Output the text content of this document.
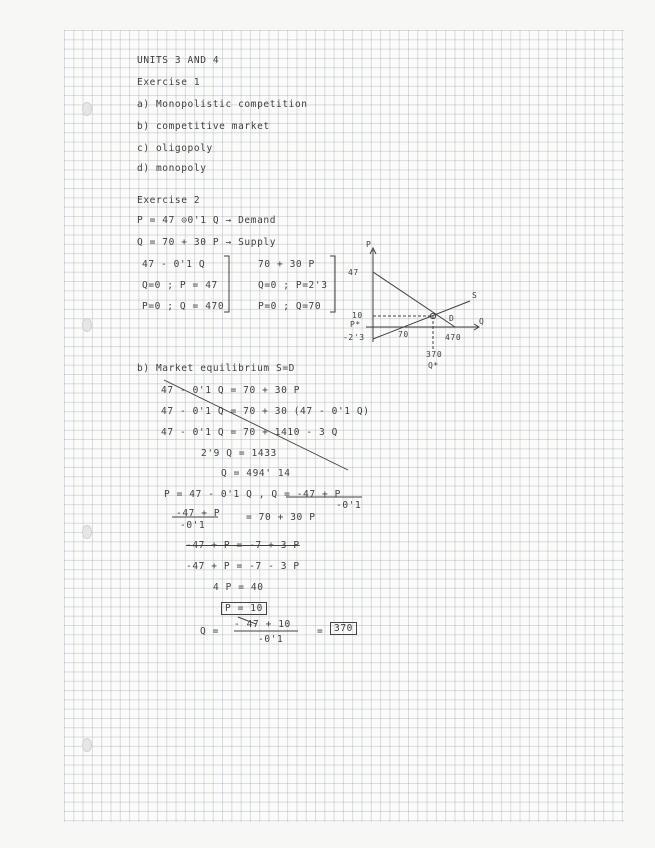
UNITS 3 AND 4
Exercise 1
a) Monopolistic competition
b) competitive market
c) oligopoly
d) monopoly
Exercise 2
P = 47 ⊝0'1 Q → Demand
Q = 70 + 30 P → Supply
47 - 0'1 Q
Q=0 ; P = 47
P=0 ; Q = 470
70 + 30 P
Q=0 ; P=2'3
P=0 ; Q=70
P
Q
S
D
47
10
P*
-2'3	70	470
370
Q*
b) Market equilibrium S=D
47 - 0'1 Q = 70 + 30 P
47 - 0'1 Q = 70 + 30 (47 - 0'1 Q)
47 - 0'1 Q = 70 + 1410 - 3 Q
2'9 Q = 1433
Q = 494' 14
P = 47 - 0'1 Q , Q = -47 + P
-0'1
-47 + P
-0'1
= 70 + 30 P
-47 + P = -7 + 3 P
-47 + P = -7 - 3 P
4 P = 40
P = 10
Q =
- 47 + 10
-0'1
=	370
